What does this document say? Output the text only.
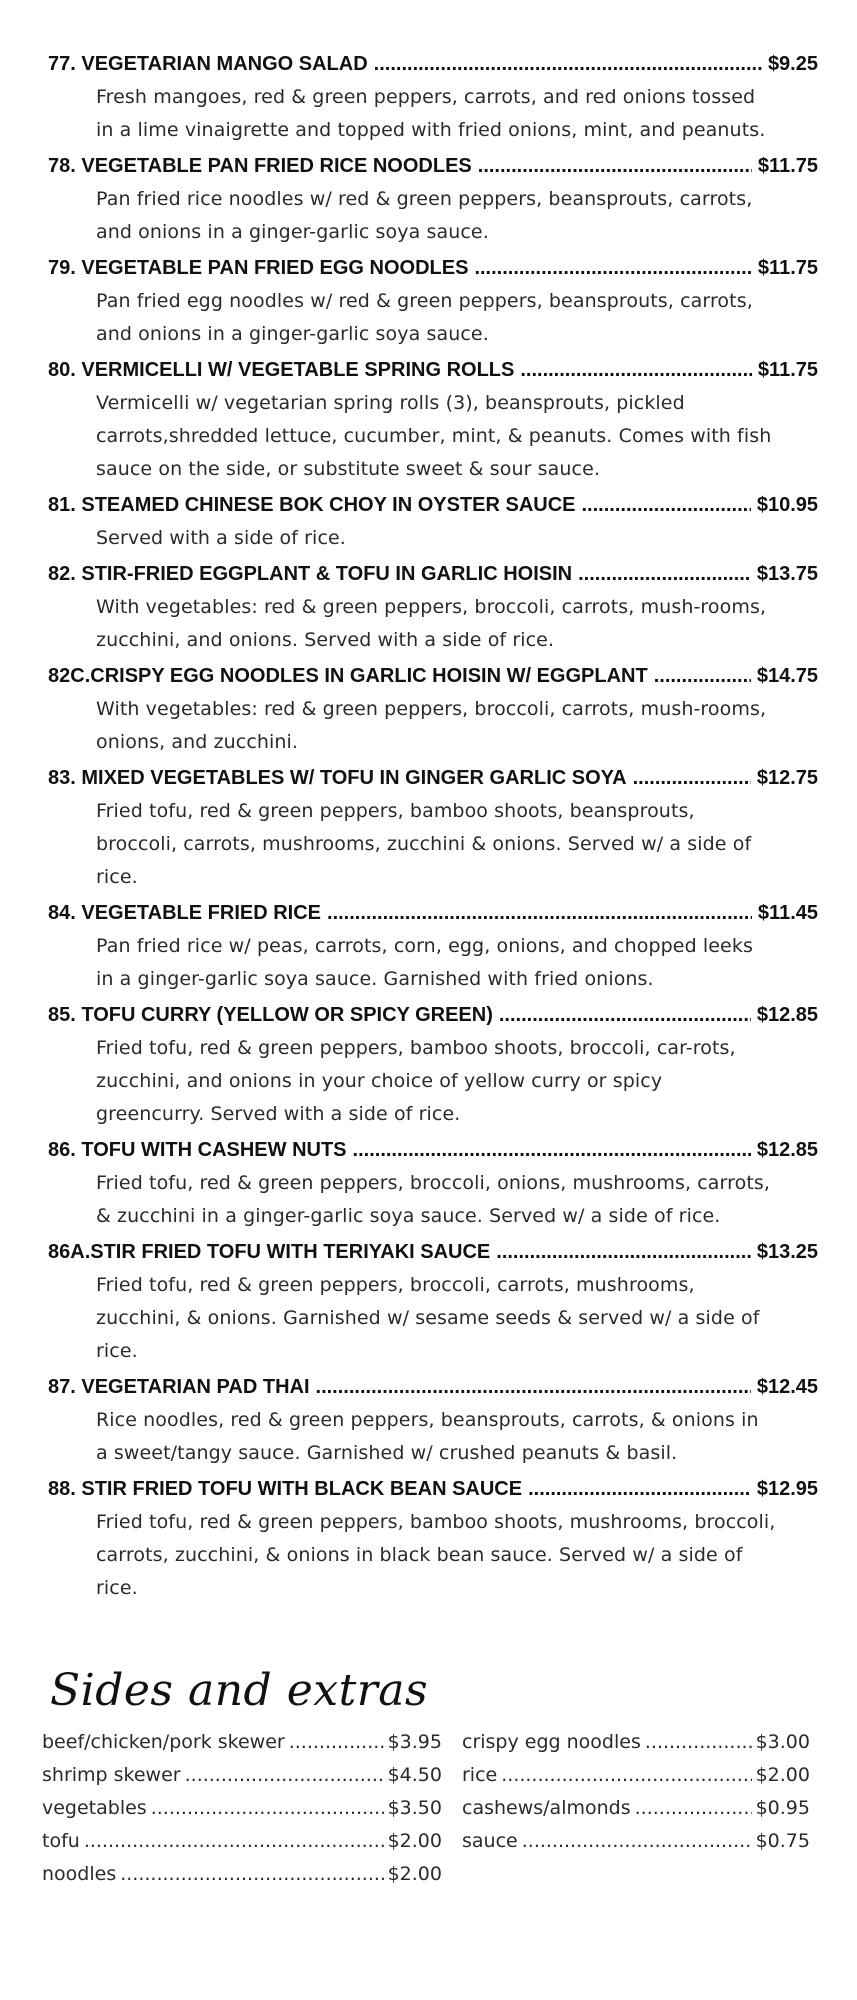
77. VEGETARIAN MANGO SALAD .....	$9.25
Fresh mangoes, red & green peppers, carrots, and red onions tossed in a lime vinaigrette and topped with fried onions, mint, and peanuts.
78. VEGETABLE PAN FRIED RICE NOODLES .....	$11.75
Pan fried rice noodles w/ red & green peppers, beansprouts, carrots, and onions in a ginger-garlic soya sauce.
79. VEGETABLE PAN FRIED EGG NOODLES .....	$11.75
Pan fried egg noodles w/ red & green peppers, beansprouts, carrots, and onions in a ginger-garlic soya sauce.
80. VERMICELLI W/ VEGETABLE SPRING ROLLS .....	$11.75
Vermicelli w/ vegetarian spring rolls (3), beansprouts, pickled carrots,shredded lettuce, cucumber, mint, & peanuts. Comes with fish sauce on the side, or substitute sweet & sour sauce.
81. STEAMED CHINESE BOK CHOY IN OYSTER SAUCE .....	$10.95
Served with a side of rice.
82. STIR-FRIED EGGPLANT & TOFU IN GARLIC HOISIN .....	$13.75
With vegetables: red & green peppers, broccoli, carrots, mush-rooms, zucchini, and onions. Served with a side of rice.
82C.CRISPY EGG NOODLES IN GARLIC HOISIN W/ EGGPLANT .....	$14.75
With vegetables: red & green peppers, broccoli, carrots, mush-rooms, onions, and zucchini.
83. MIXED VEGETABLES W/ TOFU IN GINGER GARLIC SOYA .....	$12.75
Fried tofu, red & green peppers, bamboo shoots, beansprouts, broccoli, carrots, mushrooms, zucchini & onions. Served w/ a side of rice.
84. VEGETABLE FRIED RICE .....	$11.45
Pan fried rice w/ peas, carrots, corn, egg, onions, and chopped leeks in a ginger-garlic soya sauce. Garnished with fried onions.
85. TOFU CURRY (YELLOW OR SPICY GREEN) .....	$12.85
Fried tofu, red & green peppers, bamboo shoots, broccoli, car-rots, zucchini, and onions in your choice of yellow curry or spicy greencurry. Served with a side of rice.
86. TOFU WITH CASHEW NUTS .....	$12.85
Fried tofu, red & green peppers, broccoli, onions, mushrooms, carrots, & zucchini in a ginger-garlic soya sauce. Served w/ a side of rice.
86A.STIR FRIED TOFU WITH TERIYAKI SAUCE .....	$13.25
Fried tofu, red & green peppers, broccoli, carrots, mushrooms, zucchini, & onions. Garnished w/ sesame seeds & served w/ a side of rice.
87. VEGETARIAN PAD THAI .....	$12.45
Rice noodles, red & green peppers, beansprouts, carrots, & onions in a sweet/tangy sauce. Garnished w/ crushed peanuts & basil.
88. STIR FRIED TOFU WITH BLACK BEAN SAUCE .....	$12.95
Fried tofu, red & green peppers, bamboo shoots, mushrooms, broccoli, carrots, zucchini, & onions in black bean sauce. Served w/ a side of rice.
Sides and extras
beef/chicken/pork skewer .....	$3.95
shrimp skewer .....	$4.50
vegetables .....	$3.50
tofu .....	$2.00
noodles .....	$2.00
crispy egg noodles .....	$3.00
rice .....	$2.00
cashews/almonds .....	$0.95
sauce .....	$0.75
